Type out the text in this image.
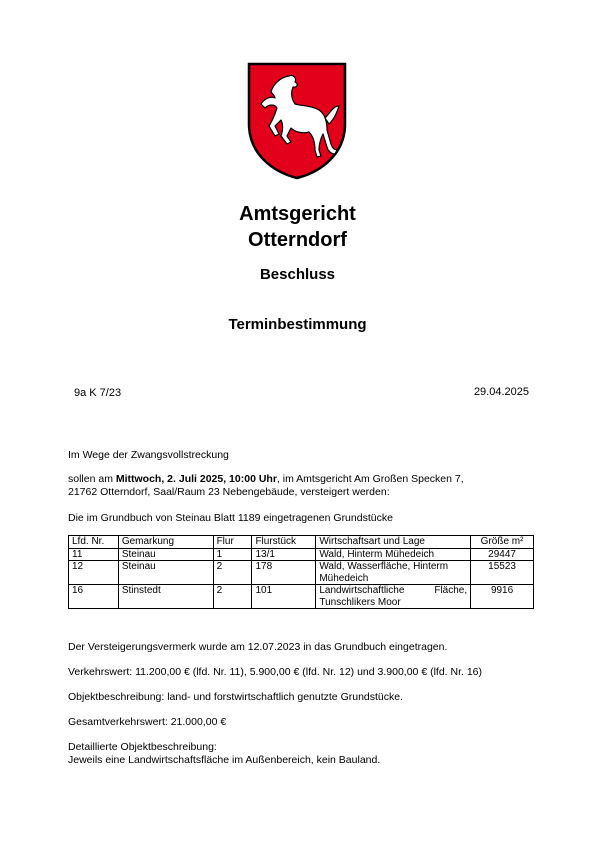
Amtsgericht
Otterndorf
Beschluss
Terminbestimmung
9a K 7/23	29.04.2025
Im Wege der Zwangsvollstreckung
sollen am Mittwoch, 2. Juli 2025, 10:00 Uhr, im Amtsgericht Am Großen Specken 7,
21762 Otterndorf, Saal/Raum 23 Nebengebäude, versteigert werden:
Die im Grundbuch von Steinau Blatt 1189 eingetragenen Grundstücke
Lfd. Nr.	Gemarkung	Flur	Flurstück	Wirtschaftsart und Lage	Größe m²
11	Steinau	1	13/1	Wald, Hinterm Mühedeich	29447
12	Steinau	2	178	Wald, Wasserfläche, Hinterm
Mühedeich	15523
16	Stinstedt	2	101	Landwirtschaftliche Fläche,
Tunschlikers Moor	9916
Der Versteigerungsvermerk wurde am 12.07.2023 in das Grundbuch eingetragen.
Verkehrswert: 11.200,00 € (lfd. Nr. 11), 5.900,00 € (lfd. Nr. 12) und 3.900,00 € (lfd. Nr. 16)
Objektbeschreibung: land- und forstwirtschaftlich genutzte Grundstücke.
Gesamtverkehrswert: 21.000,00 €
Detaillierte Objektbeschreibung:
Jeweils eine Landwirtschaftsfläche im Außenbereich, kein Bauland.
